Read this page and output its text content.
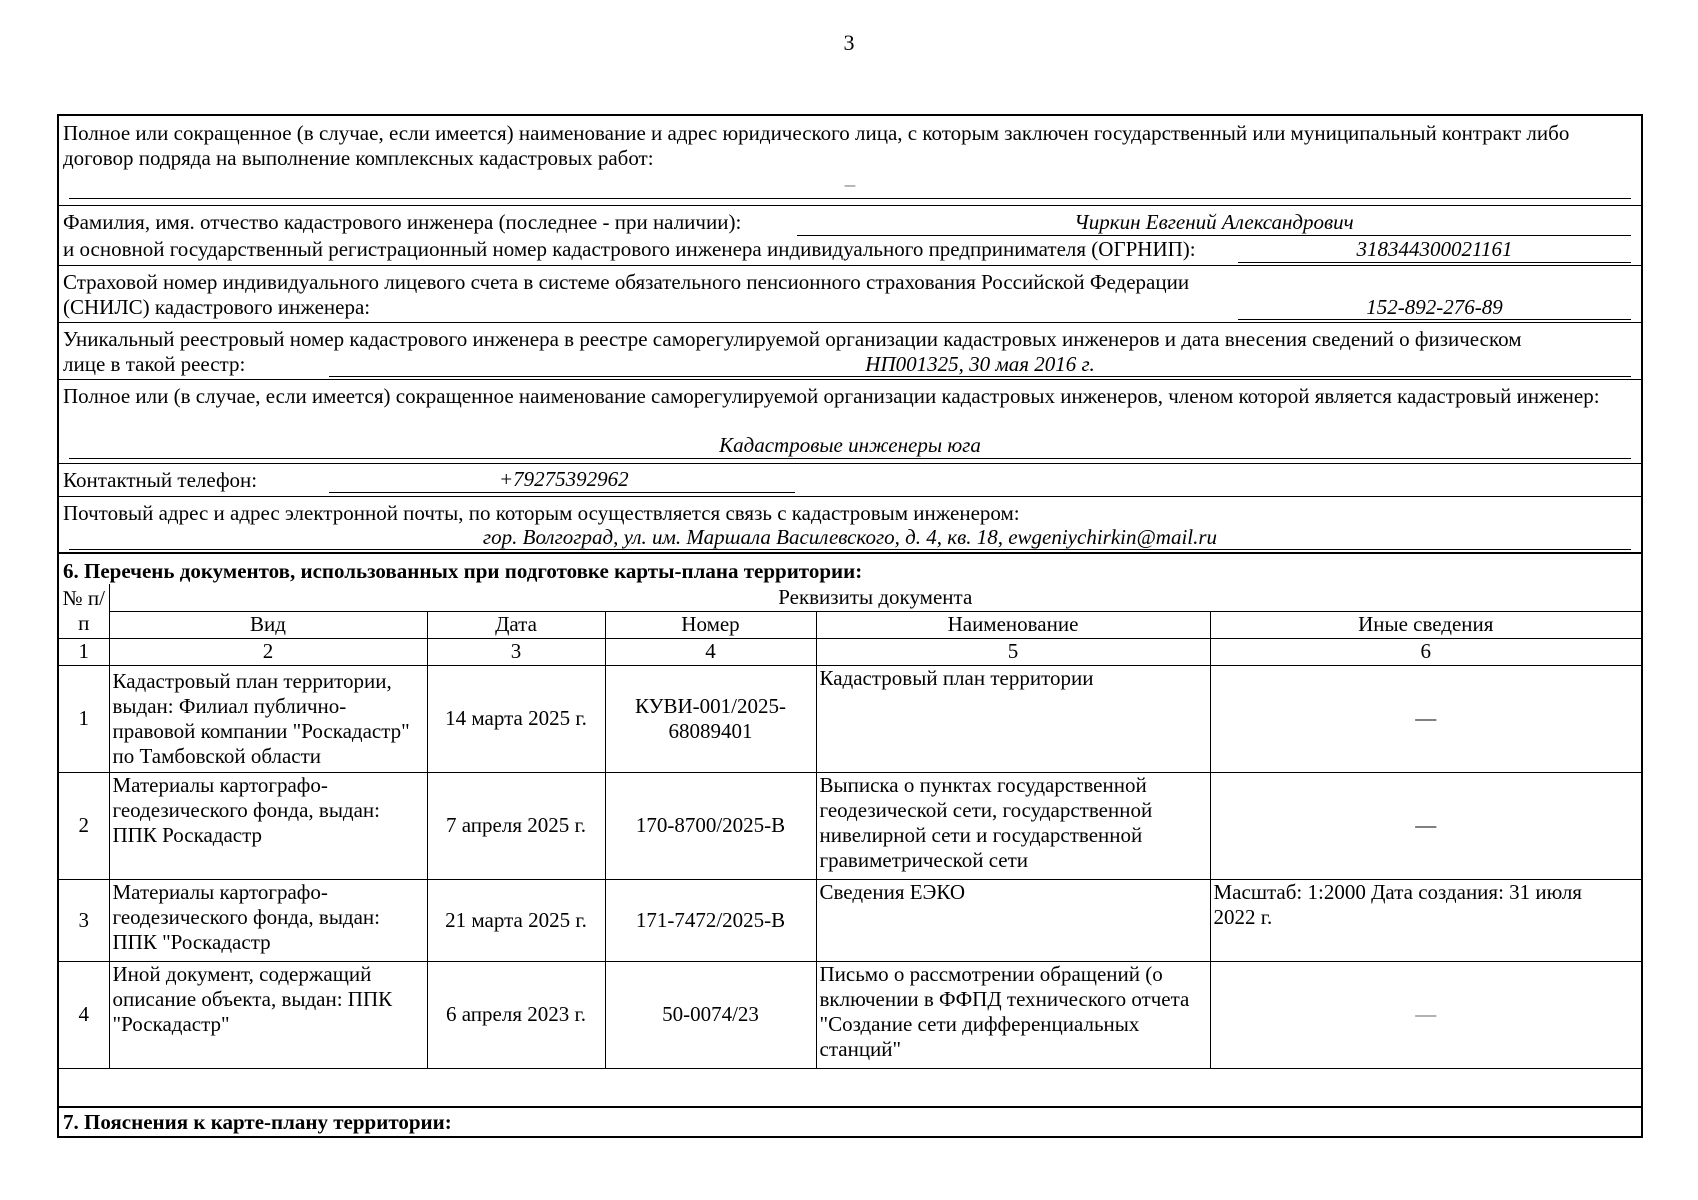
3
Полное или сокращенное (в случае, если имеется) наименование и адрес юридического лица, с которым заключен государственный или муниципальный контракт либо договор подряда на выполнение комплексных кадастровых работ:
–
Фамилия, имя. отчество кадастрового инженера (последнее - при наличии):	Чиркин Евгений Александрович
и основной государственный регистрационный номер кадастрового инженера индивидуального предпринимателя (ОГРНИП):	318344300021161
Страховой номер индивидуального лицевого счета в системе обязательного пенсионного страхования Российской Федерации (СНИЛС) кадастрового инженера:	152-892-276-89
Уникальный реестровый номер кадастрового инженера в реестре саморегулируемой организации кадастровых инженеров и дата внесения сведений о физическом
лице в такой реестр:	НП001325, 30 мая 2016 г.
Полное или (в случае, если имеется) сокращенное наименование саморегулируемой организации кадастровых инженеров, членом которой является кадастровый инженер:
Кадастровые инженеры юга
Контактный телефон:	+79275392962
Почтовый адрес и адрес электронной почты, по которым осуществляется связь с кадастровым инженером:
гор. Волгоград, ул. им. Маршала Василевского, д. 4, кв. 18, ewgeniychirkin@mail.ru
6. Перечень документов, использованных при подготовке карты-плана территории:
№ п/п	Реквизиты документа				
	Вид	Дата	Номер	Наименование	Иные сведения
1	2	3	4	5	6
1	Кадастровый план территории, выдан: Филиал публично-правовой компании "Роскадастр" по Тамбовской области	14 марта 2025 г.	КУВИ-001/2025-68089401	Кадастровый план территории	—
2	Материалы картографо-геодезического фонда, выдан: ППК Роскадастр	7 апреля 2025 г.	170-8700/2025-В	Выписка о пунктах государственной геодезической сети, государственной нивелирной сети и государственной гравиметрической сети	—
3	Материалы картографо-геодезического фонда, выдан: ППК "Роскадастр	21 марта 2025 г.	171-7472/2025-В	Сведения ЕЭКО	Масштаб: 1:2000 Дата создания: 31 июля 2022 г.
4	Иной документ, содержащий описание объекта, выдан: ППК "Роскадастр"	6 апреля 2023 г.	50-0074/23	Письмо о рассмотрении обращений (о включении в ФФПД технического отчета "Создание сети дифференциальных станций"	—
7. Пояснения к карте-плану территории:
